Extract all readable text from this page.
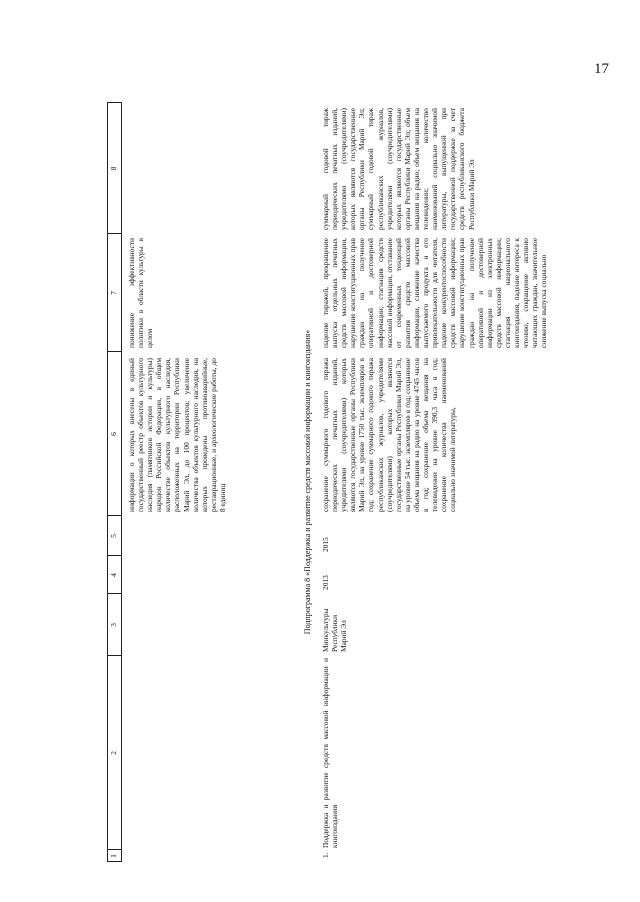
17
1
2
3
4
5
6
7
8
информации о которых внесены в единый государственный реестр объектов культурного наследия (памятников истории и культуры) народов Российской Федерации, в общем количестве объектов культурного наследия, расположенных на территории Республики Марий Эл, до 100 процентов; увеличение количества объектов культурного наследия, на которых проведены противоаварийные, реставрационные, и археологические работы, до 8 единиц
понижение эффективности политики в области культуры в целом	Подпрограмма 8 «Поддержка и развитие средств массовой информации и книгоиздания»
1.
Поддержка и развитие средств массовой информации и книгоиздания
Минкультуры Республики Марий Эл
2013
2015
сохранение суммарного годового тиража периодических печатных изданий, учредителями (соучредителями) которых являются государственные органы Республики Марий Эл, на уровне 1750 тыс. экземпляров в год; сохранение суммарного годового тиража республиканских журналов, учредителями (соучредителями) которых являются государственные органы Республики Марий Эл, на уровне 54 тыс. экземпляров в год; сохранение объема вещания на радио на уровне 4745 часов в год; сохранение объема вещания на телевидении на уровне 390,3 часа в год; сохранение количества наименований социально значимой литературы,
падение тиражей, прекращение выпуска отдельных печатных средств массовой информации, нарушение конституционных прав граждан на получение оперативной и достоверной информации; стагнация средств массовой информации, отставание от современных тенденций развития средств массовой информации, снижение качества выпускаемого продукта и его привлекательности для читателя, падение конкурентоспособности средств массовой информации; нарушение конституционных прав граждан на получение оперативной и достоверной информации из электронных средств массовой информации; стагнация национального книгоиздания, падение интереса к чтению, сокращение активно читающих граждан, значительное снижение выпуска социально
суммарный годовой тираж периодических печатных изданий, учредителями (соучредителями) которых являются государственные органы Республики Марий Эл; суммарный годовой тираж республиканских журналов, учредителями (соучредителями) которых являются государственные органы Республики Марий Эл; объем вещания на радио; объем вещания на телевидении; количество наименований социально значимой литературы, выпущенной при государственной поддержке за счет средств республиканского бюджета Республики Марий Эл
